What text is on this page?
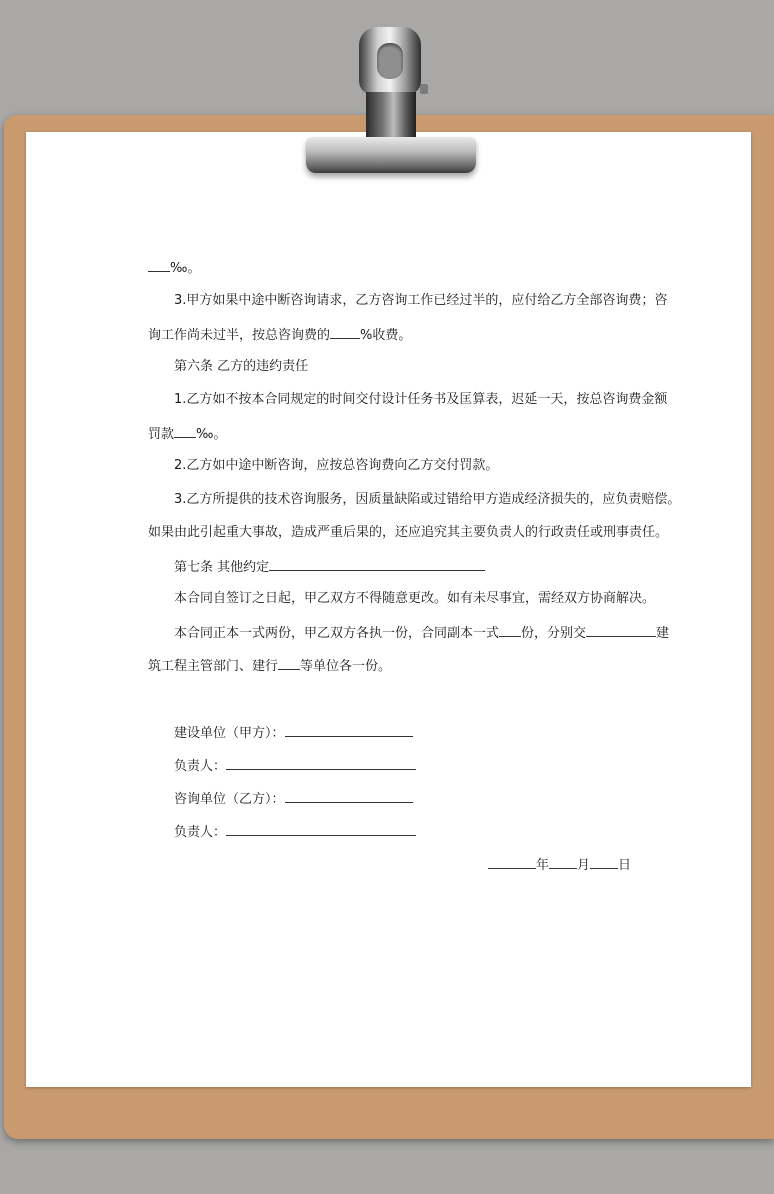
‰。
3.甲方如果中途中断咨询请求，乙方咨询工作已经过半的，应付给乙方全部咨询费；咨
询工作尚未过半，按总咨询费的 %收费。
第六条 乙方的违约责任
1.乙方如不按本合同规定的时间交付设计任务书及匡算表，迟延一天，按总咨询费金额
罚款 ‰。
2.乙方如中途中断咨询，应按总咨询费向乙方交付罚款。
3.乙方所提供的技术咨询服务，因质量缺陷或过错给甲方造成经济损失的，应负责赔偿。
如果由此引起重大事故，造成严重后果的，还应追究其主要负责人的行政责任或刑事责任。
第七条 其他约定
本合同自签订之日起，甲乙双方不得随意更改。如有未尽事宜，需经双方协商解决。
本合同正本一式两份，甲乙双方各执一份，合同副本一式 份，分别交	建
筑工程主管部门、建行 等单位各一份。
建设单位（甲方）：
负责人：
咨询单位（乙方）：
负责人：
年 月 日
